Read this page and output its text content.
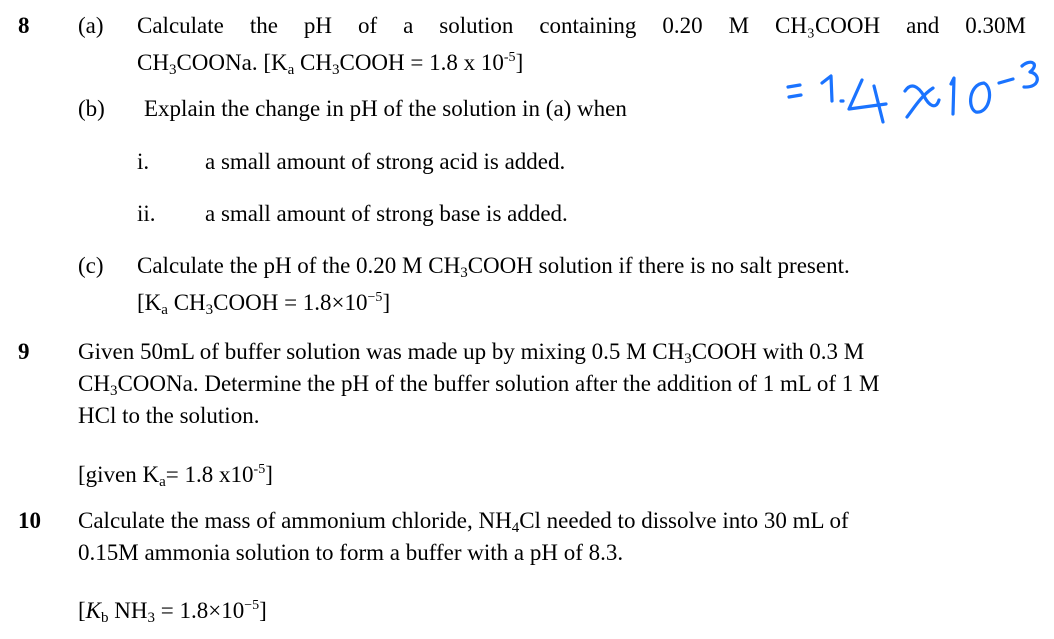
8 (a) Calculate the pH of a solution containing 0.20 M CH₃COOH and 0.30M
$CH_3COONa$. [$K_a$ $CH_3COOH = 1.8$ x $10^{-5}$]
(b) Explain the change in pH of the solution in (a) when
i. a small amount of strong acid is added.
ii. a small amount of strong base is added.
(c) Calculate the pH of the 0.20 M $CH_3COOH$ solution if there is no salt present.
[$K_a$ $CH_3COOH = 1.8\times 10^{-5}$]
9 Given 50mL of buffer solution was made up by mixing 0.5 M $CH_3COOH$ with 0.3 M
$CH_3COONa$. Determine the pH of the buffer solution after the addition of 1 mL of 1 M
HCl to the solution.
[given $K_a= 1.8$ $x10^{-5}$]
10 Calculate the mass of ammonium chloride, $NH_4Cl$ needed to dissolve into 30 mL of
0.15M ammonia solution to form a buffer with a pH of 8.3.
[$K_b$ $NH_3 = 1.8\times 10^{-5}$]
